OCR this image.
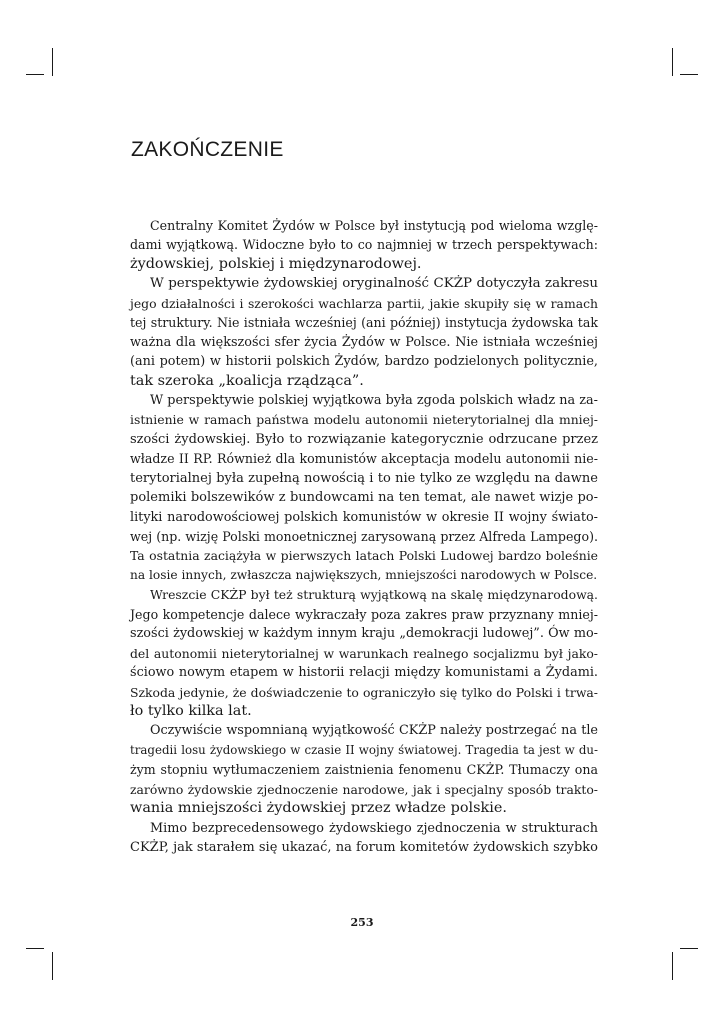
ZAKOŃCZENIE
Centralny Komitet Żydów w Polsce był instytucją pod wieloma wzglę-
dami wyjątkową. Widoczne było to co najmniej w trzech perspektywach:
żydowskiej, polskiej i międzynarodowej.
W perspektywie żydowskiej oryginalność CKŻP dotyczyła zakresu
jego działalności i szerokości wachlarza partii, jakie skupiły się w ramach
tej struktury. Nie istniała wcześniej (ani później) instytucja żydowska tak
ważna dla większości sfer życia Żydów w Polsce. Nie istniała wcześniej
(ani potem) w historii polskich Żydów, bardzo podzielonych politycznie,
tak szeroka „koalicja rządząca”.
W perspektywie polskiej wyjątkowa była zgoda polskich władz na za-
istnienie w ramach państwa modelu autonomii nieterytorialnej dla mniej-
szości żydowskiej. Było to rozwiązanie kategorycznie odrzucane przez
władze II RP. Również dla komunistów akceptacja modelu autonomii nie-
terytorialnej była zupełną nowością i to nie tylko ze względu na dawne
polemiki bolszewików z bundowcami na ten temat, ale nawet wizje po-
lityki narodowościowej polskich komunistów w okresie II wojny świato-
wej (np. wizję Polski monoetnicznej zarysowaną przez Alfreda Lampego).
Ta ostatnia zaciążyła w pierwszych latach Polski Ludowej bardzo boleśnie
na losie innych, zwłaszcza największych, mniejszości narodowych w Polsce.
Wreszcie CKŻP był też strukturą wyjątkową na skalę międzynarodową.
Jego kompetencje dalece wykraczały poza zakres praw przyznany mniej-
szości żydowskiej w każdym innym kraju „demokracji ludowej”. Ów mo-
del autonomii nieterytorialnej w warunkach realnego socjalizmu był jako-
ściowo nowym etapem w historii relacji między komunistami a Żydami.
Szkoda jedynie, że doświadczenie to ograniczyło się tylko do Polski i trwa-
ło tylko kilka lat.
Oczywiście wspomnianą wyjątkowość CKŻP należy postrzegać na tle
tragedii losu żydowskiego w czasie II wojny światowej. Tragedia ta jest w du-
żym stopniu wytłumaczeniem zaistnienia fenomenu CKŻP. Tłumaczy ona
zarówno żydowskie zjednoczenie narodowe, jak i specjalny sposób trakto-
wania mniejszości żydowskiej przez władze polskie.
Mimo bezprecedensowego żydowskiego zjednoczenia w strukturach
CKŻP, jak starałem się ukazać, na forum komitetów żydowskich szybko
253
